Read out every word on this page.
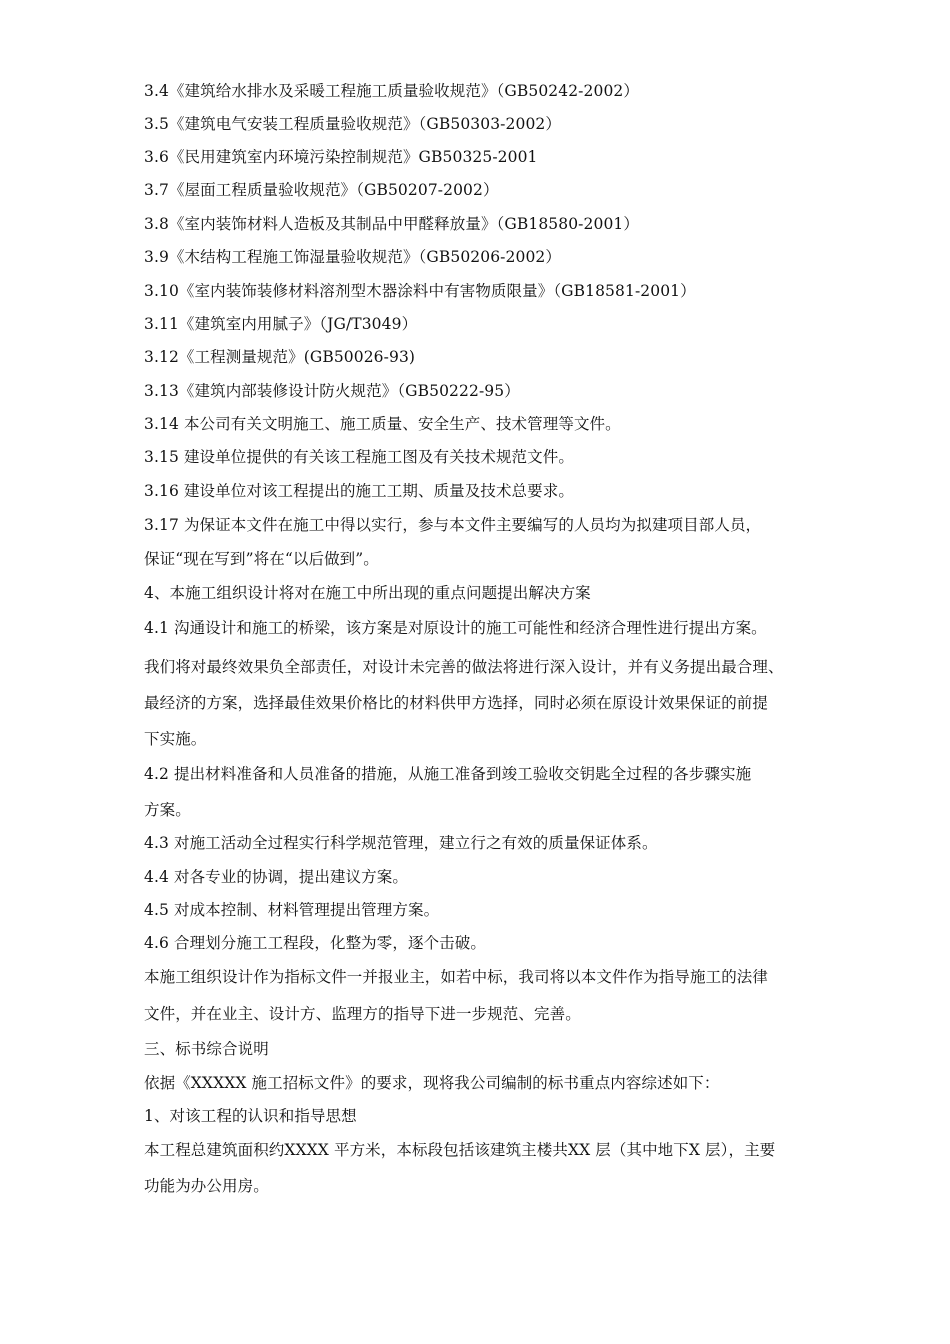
3.4《建筑给水排水及采暖工程施工质量验收规范》（GB50242-2002）
3.5《建筑电气安装工程质量验收规范》（GB50303-2002）
3.6《民用建筑室内环境污染控制规范》GB50325-2001
3.7《屋面工程质量验收规范》（GB50207-2002）
3.8《室内装饰材料人造板及其制品中甲醛释放量》（GB18580-2001）
3.9《木结构工程施工饰湿量验收规范》（GB50206-2002）
3.10《室内装饰装修材料溶剂型木器涂料中有害物质限量》（GB18581-2001）
3.11《建筑室内用腻子》（JG/T3049）
3.12《工程测量规范》(GB50026-93)
3.13《建筑内部装修设计防火规范》（GB50222-95）
3.14 本公司有关文明施工、施工质量、安全生产、技术管理等文件。
3.15 建设单位提供的有关该工程施工图及有关技术规范文件。
3.16 建设单位对该工程提出的施工工期、质量及技术总要求。
3.17 为保证本文件在施工中得以实行，参与本文件主要编写的人员均为拟建项目部人员，
保证“现在写到”将在“以后做到”。
4、本施工组织设计将对在施工中所出现的重点问题提出解决方案
4.1 沟通设计和施工的桥梁，该方案是对原设计的施工可能性和经济合理性进行提出方案。
我们将对最终效果负全部责任，对设计未完善的做法将进行深入设计，并有义务提出最合理、
最经济的方案，选择最佳效果价格比的材料供甲方选择，同时必须在原设计效果保证的前提
下实施。
4.2 提出材料准备和人员准备的措施，从施工准备到竣工验收交钥匙全过程的各步骤实施
方案。
4.3 对施工活动全过程实行科学规范管理，建立行之有效的质量保证体系。
4.4 对各专业的协调，提出建议方案。
4.5 对成本控制、材料管理提出管理方案。
4.6 合理划分施工工程段，化整为零，逐个击破。
本施工组织设计作为指标文件一并报业主，如若中标，我司将以本文件作为指导施工的法律
文件，并在业主、设计方、监理方的指导下进一步规范、完善。
三、标书综合说明
依据《XXXXX 施工招标文件》的要求，现将我公司编制的标书重点内容综述如下：
1、对该工程的认识和指导思想
本工程总建筑面积约XXXX 平方米，本标段包括该建筑主楼共XX 层（其中地下X 层），主要
功能为办公用房。
